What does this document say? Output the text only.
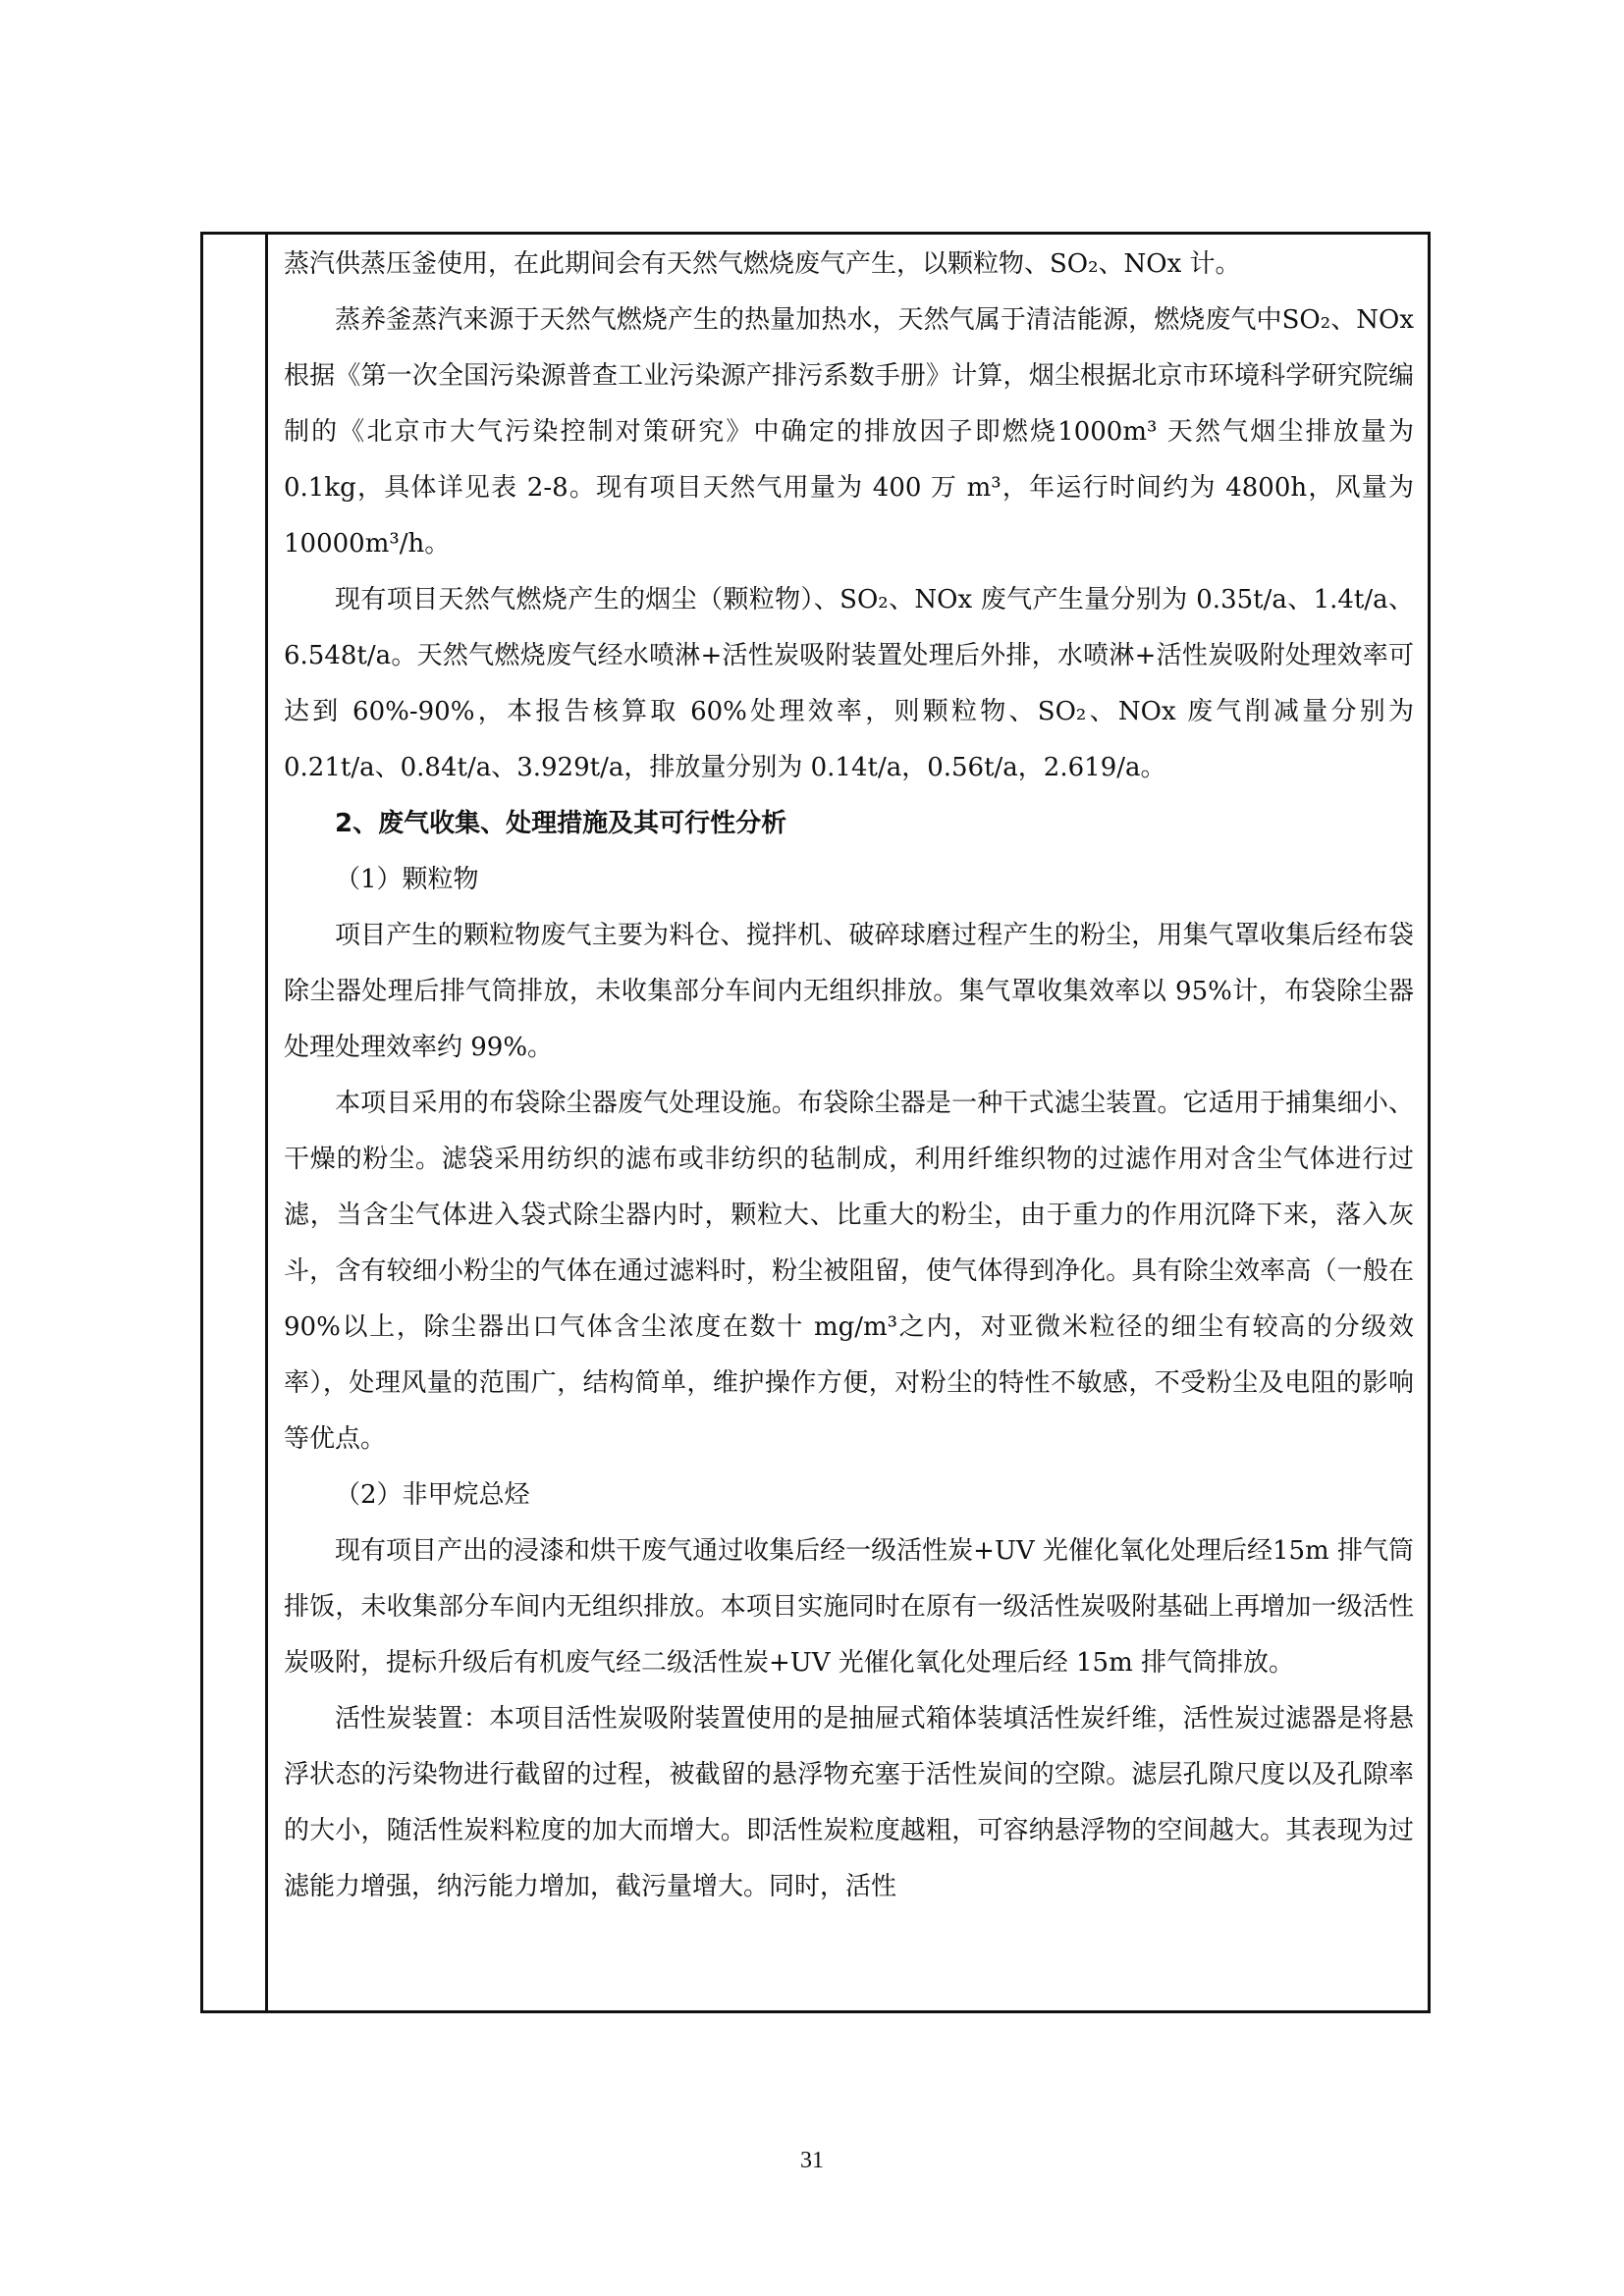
蒸汽供蒸压釜使用，在此期间会有天然气燃烧废气产生，以颗粒物、SO₂、NOx 计。

蒸养釜蒸汽来源于天然气燃烧产生的热量加热水，天然气属于清洁能源，燃烧废气中SO₂、NOx 根据《第一次全国污染源普查工业污染源产排污系数手册》计算，烟尘根据北京市环境科学研究院编制的《北京市大气污染控制对策研究》中确定的排放因子即燃烧1000m³ 天然气烟尘排放量为 0.1kg，具体详见表 2-8。现有项目天然气用量为 400 万 m³，年运行时间约为 4800h，风量为 10000m³/h。

现有项目天然气燃烧产生的烟尘（颗粒物）、SO₂、NOx 废气产生量分别为 0.35t/a、1.4t/a、6.548t/a。天然气燃烧废气经水喷淋+活性炭吸附装置处理后外排，水喷淋+活性炭吸附处理效率可达到 60%-90%，本报告核算取 60%处理效率，则颗粒物、SO₂、NOx 废气削减量分别为 0.21t/a、0.84t/a、3.929t/a，排放量分别为 0.14t/a，0.56t/a，2.619/a。

2、废气收集、处理措施及其可行性分析

（1）颗粒物

项目产生的颗粒物废气主要为料仓、搅拌机、破碎球磨过程产生的粉尘，用集气罩收集后经布袋除尘器处理后排气筒排放，未收集部分车间内无组织排放。集气罩收集效率以 95%计，布袋除尘器处理处理效率约 99%。

本项目采用的布袋除尘器废气处理设施。布袋除尘器是一种干式滤尘装置。它适用于捕集细小、干燥的粉尘。滤袋采用纺织的滤布或非纺织的毡制成，利用纤维织物的过滤作用对含尘气体进行过滤，当含尘气体进入袋式除尘器内时，颗粒大、比重大的粉尘，由于重力的作用沉降下来，落入灰斗，含有较细小粉尘的气体在通过滤料时，粉尘被阻留，使气体得到净化。具有除尘效率高（一般在 90%以上，除尘器出口气体含尘浓度在数十 mg/m³之内，对亚微米粒径的细尘有较高的分级效率），处理风量的范围广，结构简单，维护操作方便，对粉尘的特性不敏感，不受粉尘及电阻的影响等优点。

（2）非甲烷总烃

现有项目产出的浸漆和烘干废气通过收集后经一级活性炭+UV 光催化氧化处理后经15m 排气筒排饭，未收集部分车间内无组织排放。本项目实施同时在原有一级活性炭吸附基础上再增加一级活性炭吸附，提标升级后有机废气经二级活性炭+UV 光催化氧化处理后经 15m 排气筒排放。

活性炭装置：本项目活性炭吸附装置使用的是抽屉式箱体装填活性炭纤维，活性炭过滤器是将悬浮状态的污染物进行截留的过程，被截留的悬浮物充塞于活性炭间的空隙。滤层孔隙尺度以及孔隙率的大小，随活性炭料粒度的加大而增大。即活性炭粒度越粗，可容纳悬浮物的空间越大。其表现为过滤能力增强，纳污能力增加，截污量增大。同时，活性

31
